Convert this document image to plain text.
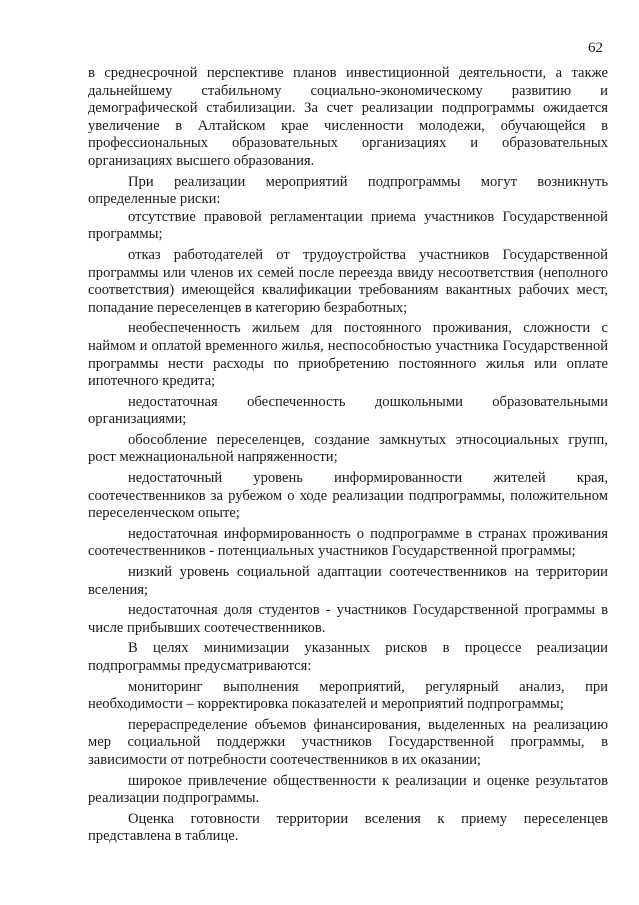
62

в среднесрочной перспективе планов инвестиционной деятельности, а также дальнейшему стабильному социально-экономическому развитию и демографической стабилизации. За счет реализации подпрограммы ожидается увеличение в Алтайском крае численности молодежи, обучающейся в профессиональных образовательных организациях и образовательных организациях высшего образования.

При реализации мероприятий подпрограммы могут возникнуть определенные риски:

отсутствие правовой регламентации приема участников Государственной программы;

отказ работодателей от трудоустройства участников Государственной программы или членов их семей после переезда ввиду несоответствия (неполного соответствия) имеющейся квалификации требованиям вакантных рабочих мест, попадание переселенцев в категорию безработных;

необеспеченность жильем для постоянного проживания, сложности с наймом и оплатой временного жилья, неспособностью участника Государственной программы нести расходы по приобретению постоянного жилья или оплате ипотечного кредита;

недостаточная обеспеченность дошкольными образовательными организациями;

обособление переселенцев, создание замкнутых этносоциальных групп, рост межнациональной напряженности;

недостаточный уровень информированности жителей края, соотечественников за рубежом о ходе реализации подпрограммы, положительном переселенческом опыте;

недостаточная информированность о подпрограмме в странах проживания соотечественников - потенциальных участников Государственной программы;

низкий уровень социальной адаптации соотечественников на территории вселения;

недостаточная доля студентов - участников Государственной программы в числе прибывших соотечественников.

В целях минимизации указанных рисков в процессе реализации подпрограммы предусматриваются:

мониторинг выполнения мероприятий, регулярный анализ, при необходимости – корректировка показателей и мероприятий подпрограммы;

перераспределение объемов финансирования, выделенных на реализацию мер социальной поддержки участников Государственной программы, в зависимости от потребности соотечественников в их оказании;

широкое привлечение общественности к реализации и оценке результатов реализации подпрограммы.

Оценка готовности территории вселения к приему переселенцев представлена в таблице.
